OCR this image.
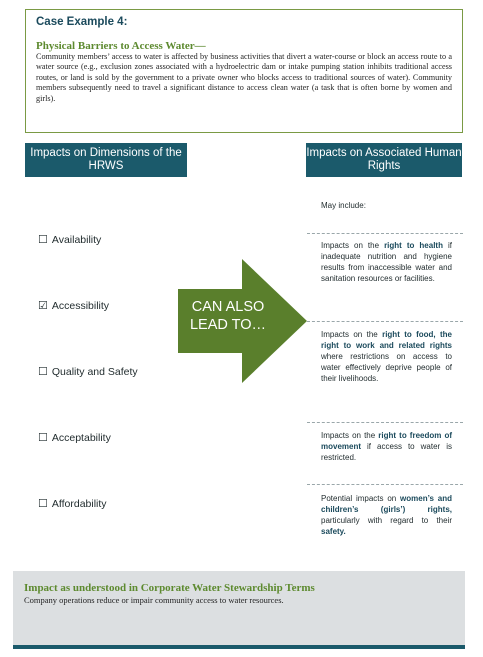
Case Example 4:

Physical Barriers to Access Water—

Community members’ access to water is affected by business activities that divert a water-course or block an access route to a water source (e.g., exclusion zones associated with a hydroelectric dam or intake pumping station inhibits traditional access routes, or land is sold by the government to a private owner who blocks access to traditional sources of water). Community members subsequently need to travel a significant distance to access clean water (a task that is often borne by women and girls).

Impacts on Dimensions of the HRWS
Impacts on Associated Human Rights
☐ Availability
☑ Accessibility
☐ Quality and Safety
☐ Acceptability
☐ Affordability
CAN ALSO
LEAD TO…
May include:
Impacts on the right to health if inadequate nutrition and hygiene results from inaccessible water and sanitation resources or facilities.
Impacts on the right to food, the right to work and related rights where restrictions on access to water effectively deprive people of their livelihoods.
Impacts on the right to freedom of movement if access to water is restricted.
Potential impacts on women’s and children’s (girls’) rights, particularly with regard to their safety.

Impact as understood in Corporate Water Stewardship Terms

Company operations reduce or impair community access to water resources.
